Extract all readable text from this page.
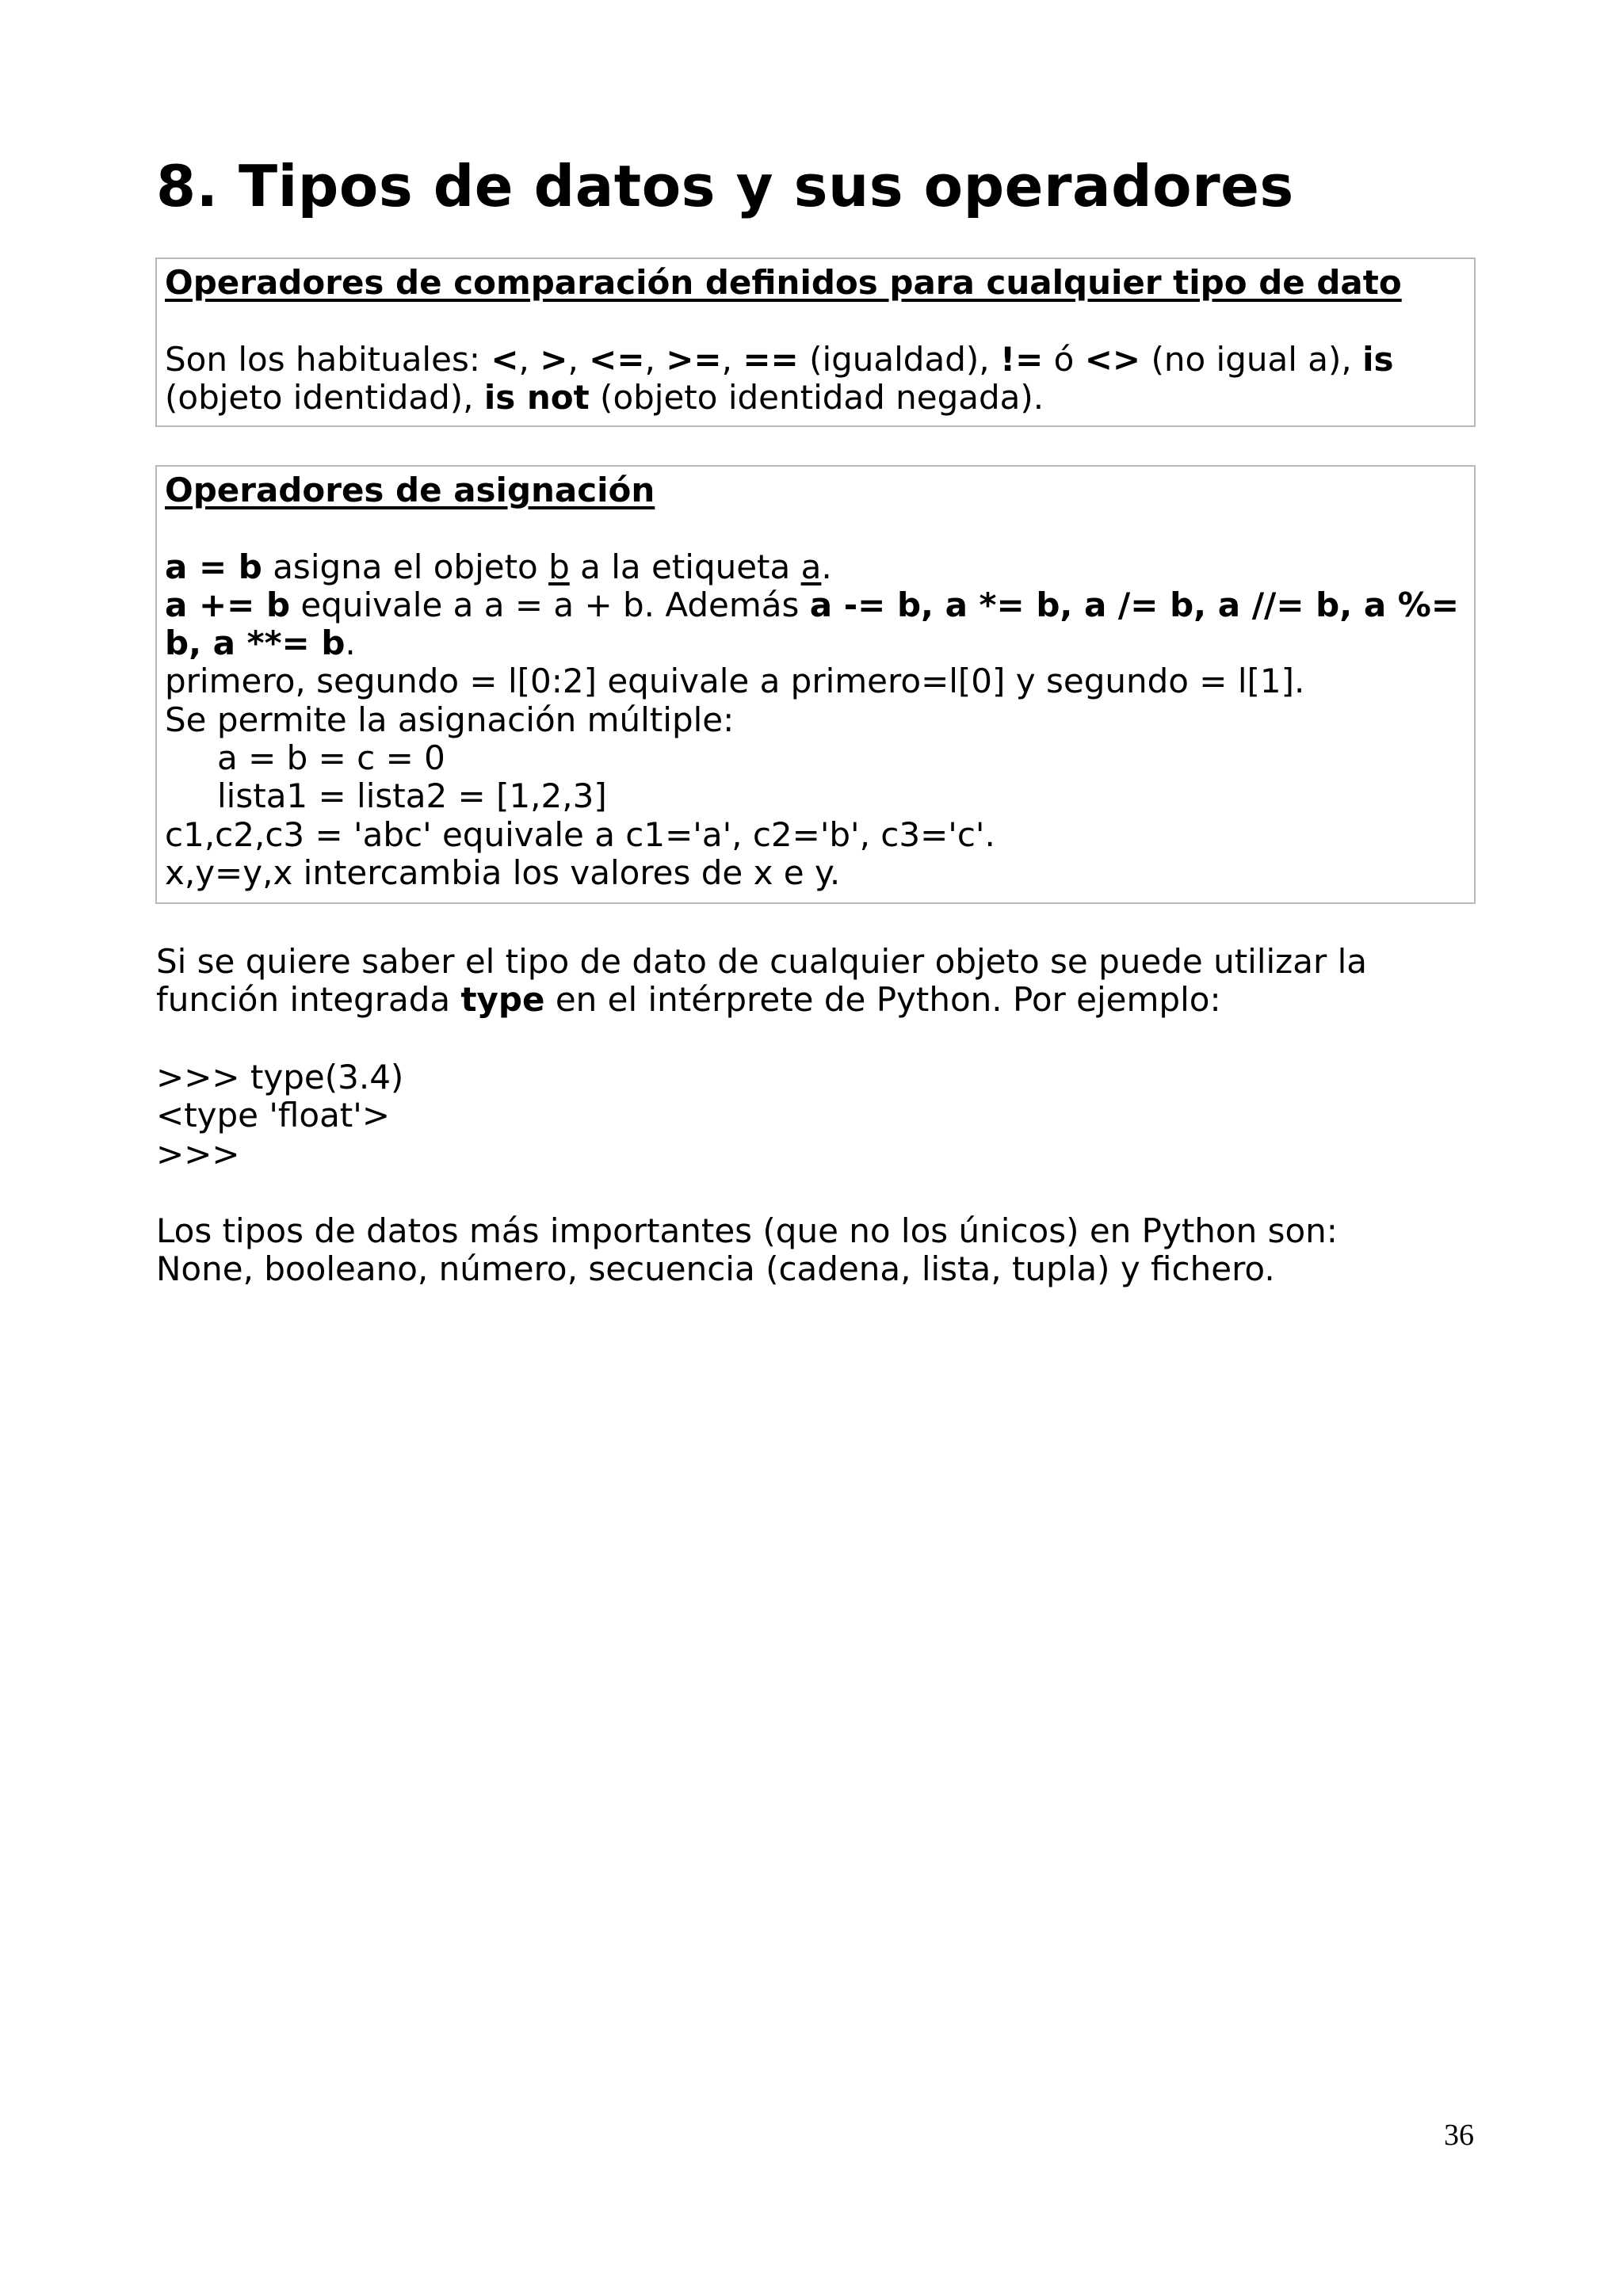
8. Tipos de datos y sus operadores
Operadores de comparación definidos para cualquier tipo de dato
Son los habituales: <, >, <=, >=, == (igualdad), != ó <> (no igual a), is
(objeto identidad), is not (objeto identidad negada).
Operadores de asignación
a = b asigna el objeto b a la etiqueta a.
a += b equivale a a = a + b. Además a -= b, a *= b, a /= b, a //= b, a %=
b, a **= b.
primero, segundo = l[0:2] equivale a primero=l[0] y segundo = l[1].
Se permite la asignación múltiple:
a = b = c = 0
lista1 = lista2 = [1,2,3]
c1,c2,c3 = 'abc' equivale a c1='a', c2='b', c3='c'.
x,y=y,x intercambia los valores de x e y.
Si se quiere saber el tipo de dato de cualquier objeto se puede utilizar la
función integrada type en el intérprete de Python. Por ejemplo:
>>> type(3.4)
<type 'float'>
>>>
Los tipos de datos más importantes (que no los únicos) en Python son:
None, booleano, número, secuencia (cadena, lista, tupla) y fichero.
36
